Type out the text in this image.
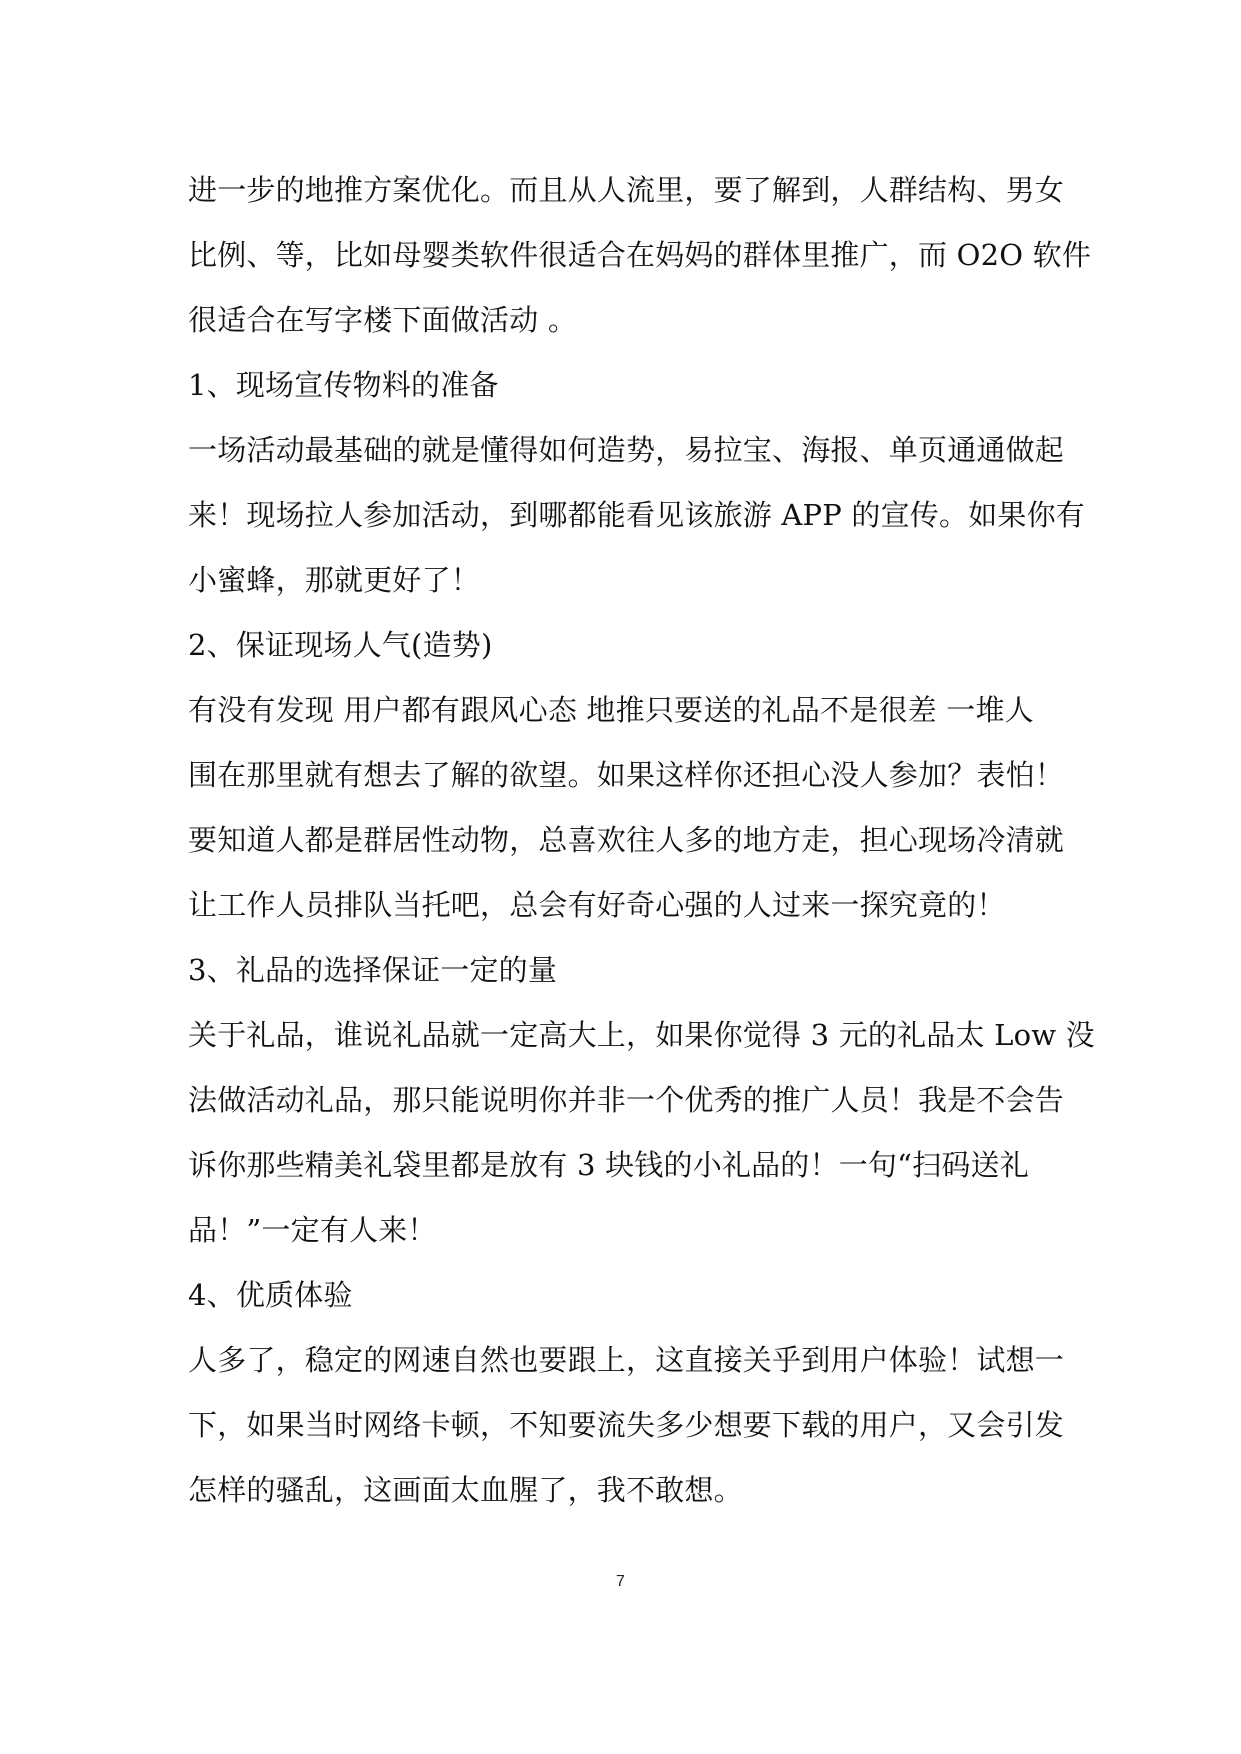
进一步的地推方案优化。而且从人流里，要了解到，人群结构、男女
比例、等，比如母婴类软件很适合在妈妈的群体里推广，而 O2O 软件
很适合在写字楼下面做活动 。
1、现场宣传物料的准备
一场活动最基础的就是懂得如何造势，易拉宝、海报、单页通通做起
来！现场拉人参加活动，到哪都能看见该旅游 APP 的宣传。如果你有
小蜜蜂，那就更好了！
2、保证现场人气(造势)
有没有发现 用户都有跟风心态 地推只要送的礼品不是很差 一堆人
围在那里就有想去了解的欲望。如果这样你还担心没人参加？表怕！
要知道人都是群居性动物，总喜欢往人多的地方走，担心现场冷清就
让工作人员排队当托吧，总会有好奇心强的人过来一探究竟的！
3、礼品的选择保证一定的量
关于礼品，谁说礼品就一定高大上，如果你觉得 3 元的礼品太 Low 没
法做活动礼品，那只能说明你并非一个优秀的推广人员！我是不会告
诉你那些精美礼袋里都是放有 3 块钱的小礼品的！一句“扫码送礼
品！”一定有人来！
4、优质体验
人多了，稳定的网速自然也要跟上，这直接关乎到用户体验！试想一
下，如果当时网络卡顿，不知要流失多少想要下载的用户，又会引发
怎样的骚乱，这画面太血腥了，我不敢想。
7
